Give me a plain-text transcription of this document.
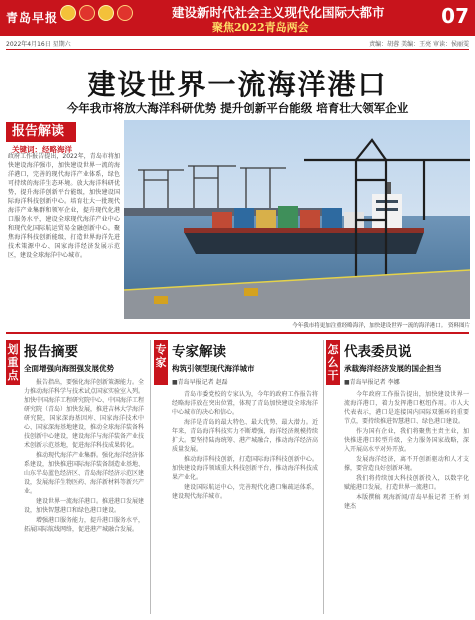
青岛早报	建设新时代社会主义现代化国际大都市
聚焦2022青岛两会	07
2022年4月16日 星期六	责编：胡蓉 美编：王亮 审读：侯丽雯
建设世界一流海洋港口
今年我市将放大海洋科研优势 提升创新平台能级 培育壮大领军企业
报告解读
关键词：经略海洋
政府工作报告提出，2022年，青岛市将加快建设海洋强市，加快建设世界一流的海洋港口，完善的现代海洋产业体系，绿色可持续的海洋生态环境。放大海洋科研优势，提升海洋创新平台能级，加快建设国际海洋科技创新中心。培育壮大一批现代海洋产业集群和领军企业，提升现代化港口服务水平，建设全球现代海洋产业中心和现代化国际航运贸易金融创新中心。聚焦海洋科技创新能级，打造世界海洋先进技术策源中心、国家海洋经济发展示范区，建设全球海洋中心城市。
今年我市将更加注重经略海洋，加快建设世界一流的海洋港口。 资料图片
划重点
报告摘要
全面增强向海图强发展优势

报告指出，要强化海洋创新策源能力。全力推动海洋科学与技术试点国家实验室入列。加快中国海洋工程研究院中心、中国海洋工程研究院（青岛）加快发展，推进吉林大学海洋研究院，国家深海基因库、国家海洋技术中心、国家深海基地建设，推动全球海洋装备科技创新中心建设，建设海洋与海洋装备产业技术创新示范基地，促进海洋科技成果转化。

推动现代海洋产业集群。强化海洋经济体系建设，加快推进国际海洋装备制造业基地、山东半岛蓝色经济区、青岛海洋经济示范区建设，发展海洋生物医药、海洋新材料等新兴产业。

建设世界一流海洋港口。推进港口发展建设，加快智慧港口和绿色港口建设。

增强港口服务能力，提升港口服务水平，拓展国际航线网络，促进港产城融合发展。

专家
专家解读
构筑引领型现代海洋城市
■青岛早报记者 赵磊

青岛市委党校的专家认为，今年的政府工作报告将经略海洋放在突出位置，体现了青岛加快建设全球海洋中心城市的决心和信心。

海洋是青岛的最大特色、最大优势、最大潜力。近年来，青岛海洋科技实力不断增强，海洋经济规模持续扩大。要坚持陆海统筹、港产城融合，推动海洋经济高质量发展。

推动海洋科技创新，打造国际海洋科技创新中心。加快建设海洋领域重大科技创新平台，推动海洋科技成果产业化。

建设国际航运中心，完善现代化港口集疏运体系，建设现代海洋城市。

怎么干
代表委员说
承载海洋经济发展的国企担当
■青岛早报记者 李娜

今年政府工作报告提出，加快建设世界一流海洋港口，着力发挥港口枢纽作用。市人大代表表示，港口是连接国内国际双循环的重要节点，要持续推进智慧港口、绿色港口建设。

作为国有企业，我们将聚焦主责主业，加快推进港口转型升级，全力服务国家战略，深入开展高水平对外开放。

发展海洋经济，离不开创新驱动和人才支撑，要营造良好创新环境。

我们将持续加大科技创新投入，以数字化赋能港口发展，打造世界一流港口。

本版撰稿 观海新闻/青岛早报记者 王桥 刘建杰
